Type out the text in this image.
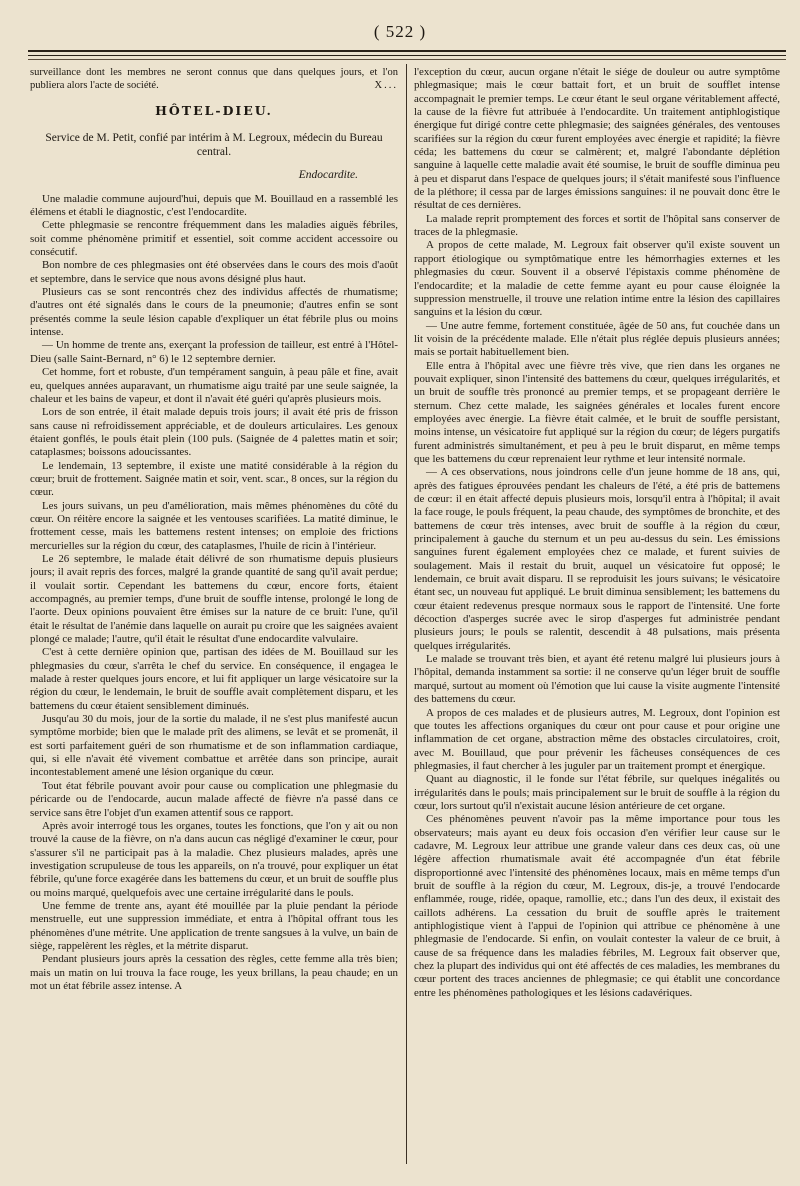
( 522 )

surveillance dont les membres ne seront connus que dans quelques jours, et l'on publiera alors l'acte de société.	X...

HÔTEL-DIEU.

Service de M. Petit, confié par intérim à M. Legroux, médecin du Bureau central.

Endocardite.

Une maladie commune aujourd'hui, depuis que M. Bouillaud en a rassemblé les élémens et établi le diagnostic, c'est l'endocardite.

Cette phlegmasie se rencontre fréquemment dans les maladies aiguës fébriles, soit comme phénomène primitif et essentiel, soit comme accident accessoire ou consécutif.

Bon nombre de ces phlegmasies ont été observées dans le cours des mois d'août et septembre, dans le service que nous avons désigné plus haut.

Plusieurs cas se sont rencontrés chez des individus affectés de rhumatisme; d'autres ont été signalés dans le cours de la pneumonie; d'autres enfin se sont présentés comme la seule lésion capable d'expliquer un état fébrile plus ou moins intense.

— Un homme de trente ans, exerçant la profession de tailleur, est entré à l'Hôtel-Dieu (salle Saint-Bernard, n° 6) le 12 septembre dernier.

Cet homme, fort et robuste, d'un tempérament sanguin, à peau pâle et fine, avait eu, quelques années auparavant, un rhumatisme aigu traité par une seule saignée, la chaleur et les bains de vapeur, et dont il n'avait été guéri qu'après plusieurs mois.

Lors de son entrée, il était malade depuis trois jours; il avait été pris de frisson sans cause ni refroidissement appréciable, et de douleurs articulaires. Les genoux étaient gonflés, le pouls était plein (100 puls. (Saignée de 4 palettes matin et soir; cataplasmes; boissons adoucissantes.

Le lendemain, 13 septembre, il existe une matité considérable à la région du cœur; bruit de frottement. Saignée matin et soir, vent. scar., 8 onces, sur la région du cœur.

Les jours suivans, un peu d'amélioration, mais mêmes phénomènes du côté du cœur. On réitère encore la saignée et les ventouses scarifiées. La matité diminue, le frottement cesse, mais les battemens restent intenses; on emploie des frictions mercurielles sur la région du cœur, des cataplasmes, l'huile de ricin à l'intérieur.

Le 26 septembre, le malade était délivré de son rhumatisme depuis plusieurs jours; il avait repris des forces, malgré la grande quantité de sang qu'il avait perdue; il voulait sortir. Cependant les battemens du cœur, encore forts, étaient accompagnés, au premier temps, d'une bruit de souffle intense, prolongé le long de l'aorte. Deux opinions pouvaient être émises sur la nature de ce bruit: l'une, qu'il était le résultat de l'anémie dans laquelle on aurait pu croire que les saignées avaient plongé ce malade; l'autre, qu'il était le résultat d'une endocardite valvulaire.

C'est à cette dernière opinion que, partisan des idées de M. Bouillaud sur les phlegmasies du cœur, s'arrêta le chef du service. En conséquence, il engagea le malade à rester quelques jours encore, et lui fit appliquer un large vésicatoire sur la région du cœur, le lendemain, le bruit de souffle avait complètement disparu, et les battemens du cœur étaient sensiblement diminués.

Jusqu'au 30 du mois, jour de la sortie du malade, il ne s'est plus manifesté aucun symptôme morbide; bien que le malade prît des alimens, se levât et se promenât, il est sorti parfaitement guéri de son rhumatisme et de son inflammation cardiaque, qui, si elle n'avait été vivement combattue et arrêtée dans son principe, aurait incontestablement amené une lésion organique du cœur.

Tout état fébrile pouvant avoir pour cause ou complication une phlegmasie du péricarde ou de l'endocarde, aucun malade affecté de fièvre n'a passé dans ce service sans être l'objet d'un examen attentif sous ce rapport.

Après avoir interrogé tous les organes, toutes les fonctions, que l'on y ait ou non trouvé la cause de la fièvre, on n'a dans aucun cas négligé d'examiner le cœur, pour s'assurer s'il ne participait pas à la maladie. Chez plusieurs malades, après une investigation scrupuleuse de tous les appareils, on n'a trouvé, pour expliquer un état fébrile, qu'une force exagérée dans les battemens du cœur, et un bruit de souffle plus ou moins marqué, quelquefois avec une certaine irrégularité dans le pouls.

Une femme de trente ans, ayant été mouillée par la pluie pendant la période menstruelle, eut une suppression immédiate, et entra à l'hôpital offrant tous les phénomènes d'une métrite. Une application de trente sangsues à la vulve, un bain de siège, rappelèrent les règles, et la métrite disparut.

Pendant plusieurs jours après la cessation des règles, cette femme alla très bien; mais un matin on lui trouva la face rouge, les yeux brillans, la peau chaude; en un mot un état fébrile assez intense. A

l'exception du cœur, aucun organe n'était le siége de douleur ou autre symptôme phlegmasique; mais le cœur battait fort, et un bruit de soufflet intense accompagnait le premier temps. Le cœur étant le seul organe véritablement affecté, la cause de la fièvre fut attribuée à l'endocardite. Un traitement antiphlogistique énergique fut dirigé contre cette phlegmasie; des saignées générales, des ventouses scarifiées sur la région du cœur furent employées avec énergie et rapidité; la fièvre céda; les battemens du cœur se calmèrent; et, malgré l'abondante déplétion sanguine à laquelle cette maladie avait été soumise, le bruit de souffle diminua peu à peu et disparut dans l'espace de quelques jours; il s'était manifesté sous l'influence de la pléthore; il cessa par de larges émissions sanguines: il ne pouvait donc être le résultat de ces dernières.

La malade reprit promptement des forces et sortit de l'hôpital sans conserver de traces de la phlegmasie.

A propos de cette malade, M. Legroux fait observer qu'il existe souvent un rapport étiologique ou symptômatique entre les hémorrhagies externes et les phlegmasies du cœur. Souvent il a observé l'épistaxis comme phénomène de l'endocardite; et la maladie de cette femme ayant eu pour cause éloignée la suppression menstruelle, il trouve une relation intime entre la lésion des capillaires sanguins et la lésion du cœur.

— Une autre femme, fortement constituée, âgée de 50 ans, fut couchée dans un lit voisin de la précédente malade. Elle n'était plus réglée depuis plusieurs années; mais se portait habituellement bien.

Elle entra à l'hôpital avec une fièvre très vive, que rien dans les organes ne pouvait expliquer, sinon l'intensité des battemens du cœur, quelques irrégularités, et un bruit de souffle très prononcé au premier temps, et se propageant derrière le sternum. Chez cette malade, les saignées générales et locales furent encore employées avec énergie. La fièvre était calmée, et le bruit de souffle persistant, moins intense, un vésicatoire fut appliqué sur la région du cœur; de légers purgatifs furent administrés simultanément, et peu à peu le bruit disparut, en même temps que les battemens du cœur reprenaient leur rythme et leur intensité normale.

— A ces observations, nous joindrons celle d'un jeune homme de 18 ans, qui, après des fatigues éprouvées pendant les chaleurs de l'été, a été pris de battemens de cœur: il en était affecté depuis plusieurs mois, lorsqu'il entra à l'hôpital; il avait la face rouge, le pouls fréquent, la peau chaude, des symptômes de bronchite, et des battemens de cœur très intenses, avec bruit de souffle à la région du cœur, principalement à gauche du sternum et un peu au-dessus du sein. Les émissions sanguines furent également employées chez ce malade, et furent suivies de soulagement. Mais il restait du bruit, auquel un vésicatoire fut opposé; le lendemain, ce bruit avait disparu. Il se reproduisit les jours suivans; le vésicatoire étant sec, un nouveau fut appliqué. Le bruit diminua sensiblement; les battemens du cœur étaient redevenus presque normaux sous le rapport de l'intensité. Une forte décoction d'asperges sucrée avec le sirop d'asperges fut administrée pendant plusieurs jours; le pouls se ralentit, descendit à 48 pulsations, mais présenta quelques irrégularités.

Le malade se trouvant très bien, et ayant été retenu malgré lui plusieurs jours à l'hôpital, demanda instamment sa sortie: il ne conserve qu'un léger bruit de souffle marqué, surtout au moment où l'émotion que lui cause la visite augmente l'intensité des battemens du cœur.

A propos de ces malades et de plusieurs autres, M. Legroux, dont l'opinion est que toutes les affections organiques du cœur ont pour cause et pour origine une inflammation de cet organe, abstraction même des obstacles circulatoires, croit, avec M. Bouillaud, que pour prévenir les fâcheuses conséquences de ces phlegmasies, il faut chercher à les juguler par un traitement prompt et énergique.

Quant au diagnostic, il le fonde sur l'état fébrile, sur quelques inégalités ou irrégularités dans le pouls; mais principalement sur le bruit de souffle à la région du cœur, lors surtout qu'il n'existait aucune lésion antérieure de cet organe.

Ces phénomènes peuvent n'avoir pas la même importance pour tous les observateurs; mais ayant eu deux fois occasion d'en vérifier leur cause sur le cadavre, M. Legroux leur attribue une grande valeur dans ces deux cas, où une légère affection rhumatismale avait été accompagnée d'un état fébrile disproportionné avec l'intensité des phénomènes locaux, mais en même temps d'un bruit de souffle à la région du cœur, M. Legroux, dis-je, a trouvé l'endocarde enflammée, rouge, ridée, opaque, ramollie, etc.; dans l'un des deux, il existait des caillots adhérens. La cessation du bruit de souffle après le traitement antiphlogistique vient à l'appui de l'opinion qui attribue ce phénomène à une phlegmasie de l'endocarde. Si enfin, on voulait contester la valeur de ce bruit, à cause de sa fréquence dans les maladies fébriles, M. Legroux fait observer que, chez la plupart des individus qui ont été affectés de ces maladies, les membranes du cœur portent des traces anciennes de phlegmasie; ce qui établit une concordance entre les phénomènes pathologiques et les lésions cadavériques.
